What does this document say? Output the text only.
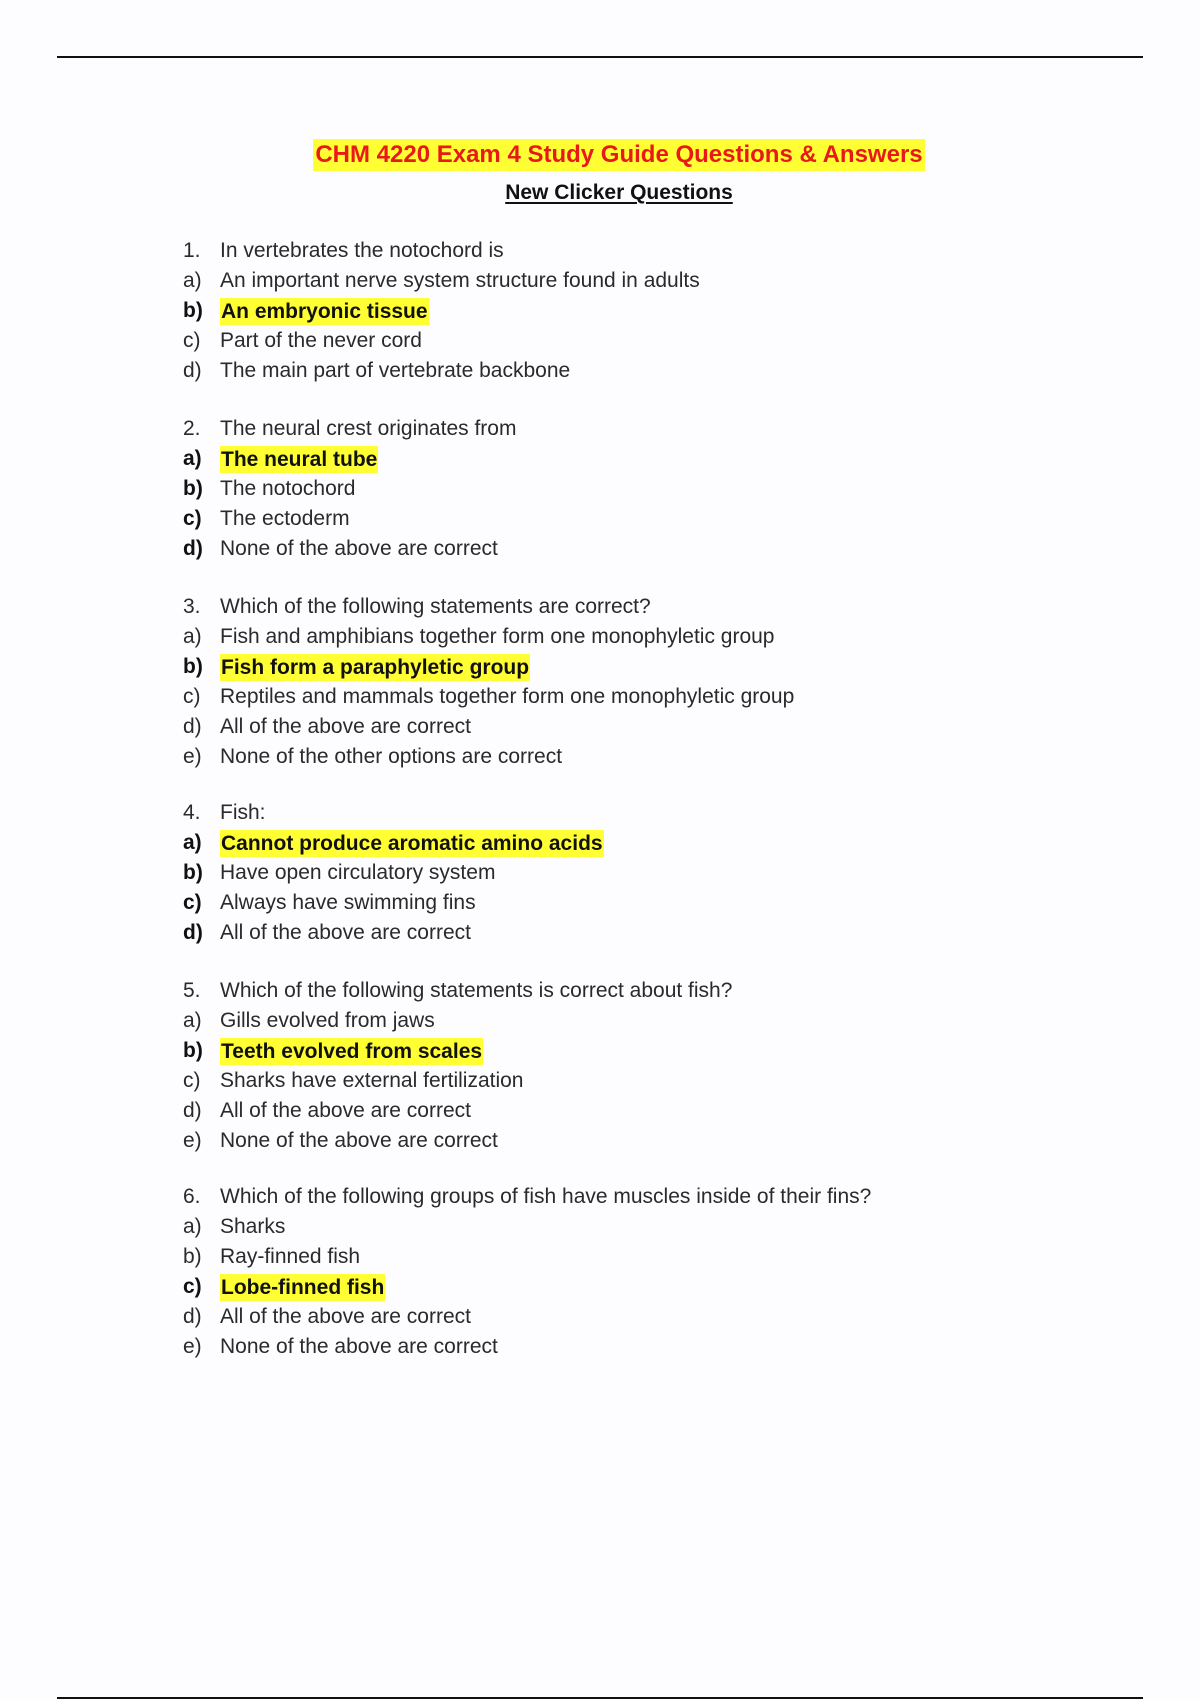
CHM 4220 Exam 4 Study Guide Questions & Answers
New Clicker Questions
1. In vertebrates the notochord is
a) An important nerve system structure found in adults
b) An embryonic tissue
c) Part of the never cord
d) The main part of vertebrate backbone
2. The neural crest originates from
a) The neural tube
b) The notochord
c) The ectoderm
d) None of the above are correct
3. Which of the following statements are correct?
a) Fish and amphibians together form one monophyletic group
b) Fish form a paraphyletic group
c) Reptiles and mammals together form one monophyletic group
d) All of the above are correct
e) None of the other options are correct
4. Fish:
a) Cannot produce aromatic amino acids
b) Have open circulatory system
c) Always have swimming fins
d) All of the above are correct
5. Which of the following statements is correct about fish?
a) Gills evolved from jaws
b) Teeth evolved from scales
c) Sharks have external fertilization
d) All of the above are correct
e) None of the above are correct
6. Which of the following groups of fish have muscles inside of their fins?
a) Sharks
b) Ray-finned fish
c) Lobe-finned fish
d) All of the above are correct
e) None of the above are correct
